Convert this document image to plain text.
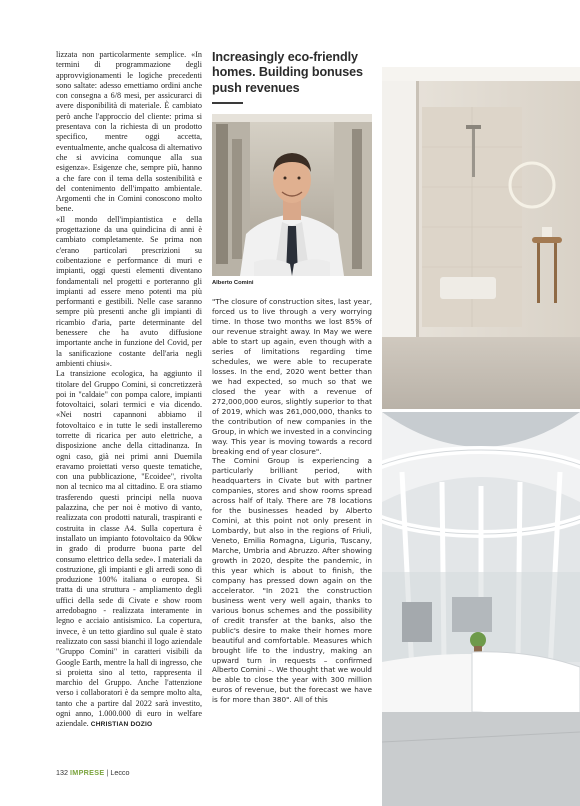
lizzata non particolarmente semplice. «In termini di programmazione degli approvvigionamenti le logiche precedenti sono saltate: adesso emettiamo ordini anche con consegna a 6/8 mesi, per assicurarci di avere disponibilità di materiale. È cambiato però anche l'approccio del cliente: prima si presentava con la richiesta di un prodotto specifico, mentre oggi accetta, eventualmente, anche qualcosa di alternativo che si avvicina comunque alla sua esigenza». Esigenze che, sempre più, hanno a che fare con il tema della sostenibilità e del contenimento dell'impatto ambientale. Argomenti che in Comini conoscono molto bene.

«Il mondo dell'impiantistica e della progettazione da una quindicina di anni è cambiato completamente. Se prima non c'erano particolari prescrizioni su coibentazione e performance di muri e impianti, oggi questi elementi diventano fondamentali nel progetti e porteranno gli impianti ad essere meno potenti ma più performanti e gestibili. Nelle case saranno sempre più presenti anche gli impianti di ricambio d'aria, parte determinante del benessere che ha avuto diffusione importante anche in funzione del Covid, per la sanificazione costante dell'aria negli ambienti chiusi».

La transizione ecologica, ha aggiunto il titolare del Gruppo Comini, si concretizzerà poi in "caldaie" con pompa calore, impianti fotovoltaici, solari termici e via dicendo. «Nei nostri capannoni abbiamo il fotovoltaico e in tutte le sedi installeremo torrette di ricarica per auto elettriche, a disposizione anche della cittadinanza. In ogni caso, già nei primi anni Duemila eravamo proiettati verso queste tematiche, con una pubblicazione, "Ecoidee", rivolta non al tecnico ma al cittadino. E ora stiamo trasferendo questi principi nella nuova palazzina, che per noi è motivo di vanto, realizzata con prodotti naturali, traspiranti e costruita in classe A4. Sulla copertura è installato un impianto fotovoltaico da 90kw in grado di produrre buona parte del consumo elettrico della sede». I materiali da costruzione, gli impianti e gli arredi sono di produzione 100% italiana o europea. Si tratta di una struttura - ampliamento degli uffici della sede di Civate e show room arredobagno - realizzata interamente in legno e acciaio antisismico. La copertura, invece, è un tetto giardino sul quale è stato realizzato con sassi bianchi il logo aziendale "Gruppo Comini" in caratteri visibili da Google Earth, mentre la hall di ingresso, che si proietta sino al tetto, rappresenta il marchio del Gruppo. Anche l'attenzione verso i collaboratori è da sempre molto alta, tanto che a partire dal 2022 sarà investito, ogni anno, 1.000.000 di euro in welfare aziendale. CHRISTIAN DOZIO

Increasingly eco-friendly homes. Building bonuses push revenues
Alberto Comini

"The closure of construction sites, last year, forced us to live through a very worrying time. In those two months we lost 85% of our revenue straight away. In May we were able to start up again, even though with a series of limitations regarding time schedules, we were able to recuperate losses. In the end, 2020 went better than we had expected, so much so that we closed the year with a revenue of 272,000,000 euros, slightly superior to that of 2019, which was 261,000,000, thanks to the contribution of new companies in the Group, in which we invested in a convincing way. This year is moving towards a record breaking end of year closure".

The Comini Group is experiencing a particularly brilliant period, with headquarters in Civate but with partner companies, stores and show rooms spread across half of Italy. There are 78 locations for the businesses headed by Alberto Comini, at this point not only present in Lombardy, but also in the regions of Friuli, Veneto, Emilia Romagna, Liguria, Tuscany, Marche, Umbria and Abruzzo. After showing growth in 2020, despite the pandemic, in this year which is about to finish, the company has pressed down again on the accelerator. "In 2021 the construction business went very well again, thanks to various bonus schemes and the possibility of credit transfer at the banks, also the public's desire to make their homes more beautiful and comfortable. Measures which brought life to the industry, making an upward turn in requests – confirmed Alberto Comini –. We thought that we would be able to close the year with 300 million euros of revenue, but the forecast we have is for more than 380". All of this

132 IMPRESE | Lecco
